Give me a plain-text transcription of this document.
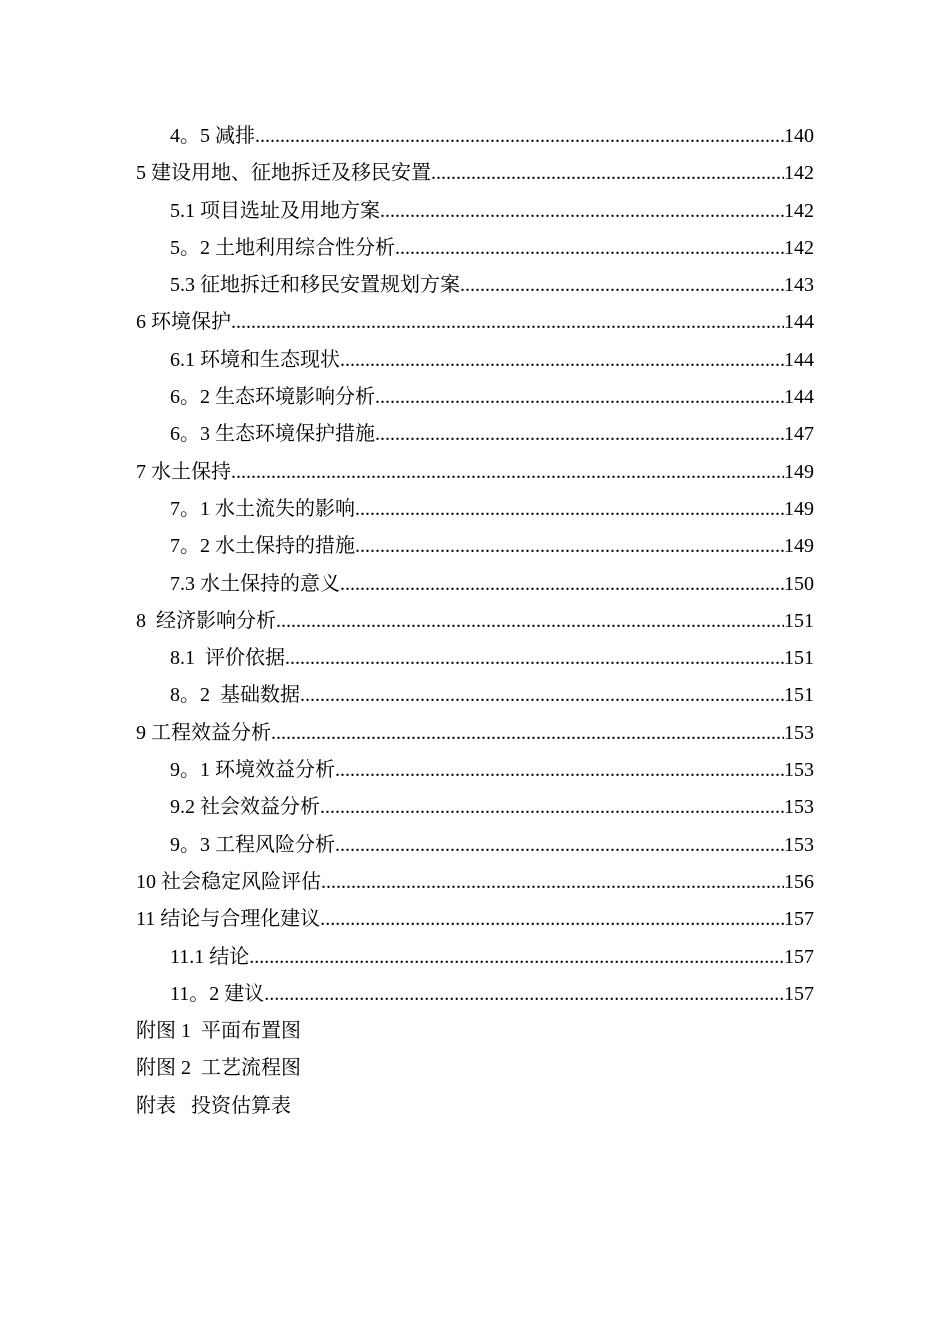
4。5 减排 .....	140
5 建设用地、征地拆迁及移民安置 .....	142
5.1 项目选址及用地方案 .....	142
5。2 土地利用综合性分析 .....	142
5.3 征地拆迁和移民安置规划方案 .....	143
6 环境保护 .....	144
6.1 环境和生态现状 .....	144
6。2 生态环境影响分析 .....	144
6。3 生态环境保护措施 .....	147
7 水土保持 .....	149
7。1 水土流失的影响 .....	149
7。2 水土保持的措施 .....	149
7.3 水土保持的意义 .....	150
8  经济影响分析 .....	151
8.1  评价依据 .....	151
8。2  基础数据 .....	151
9 工程效益分析 .....	153
9。1 环境效益分析 .....	153
9.2 社会效益分析 .....	153
9。3 工程风险分析 .....	153
10 社会稳定风险评估 .....	156
11 结论与合理化建议 .....	157
11.1 结论 .....	157
11。2 建议 .....	157
附图 1  平面布置图
附图 2  工艺流程图
附表   投资估算表
